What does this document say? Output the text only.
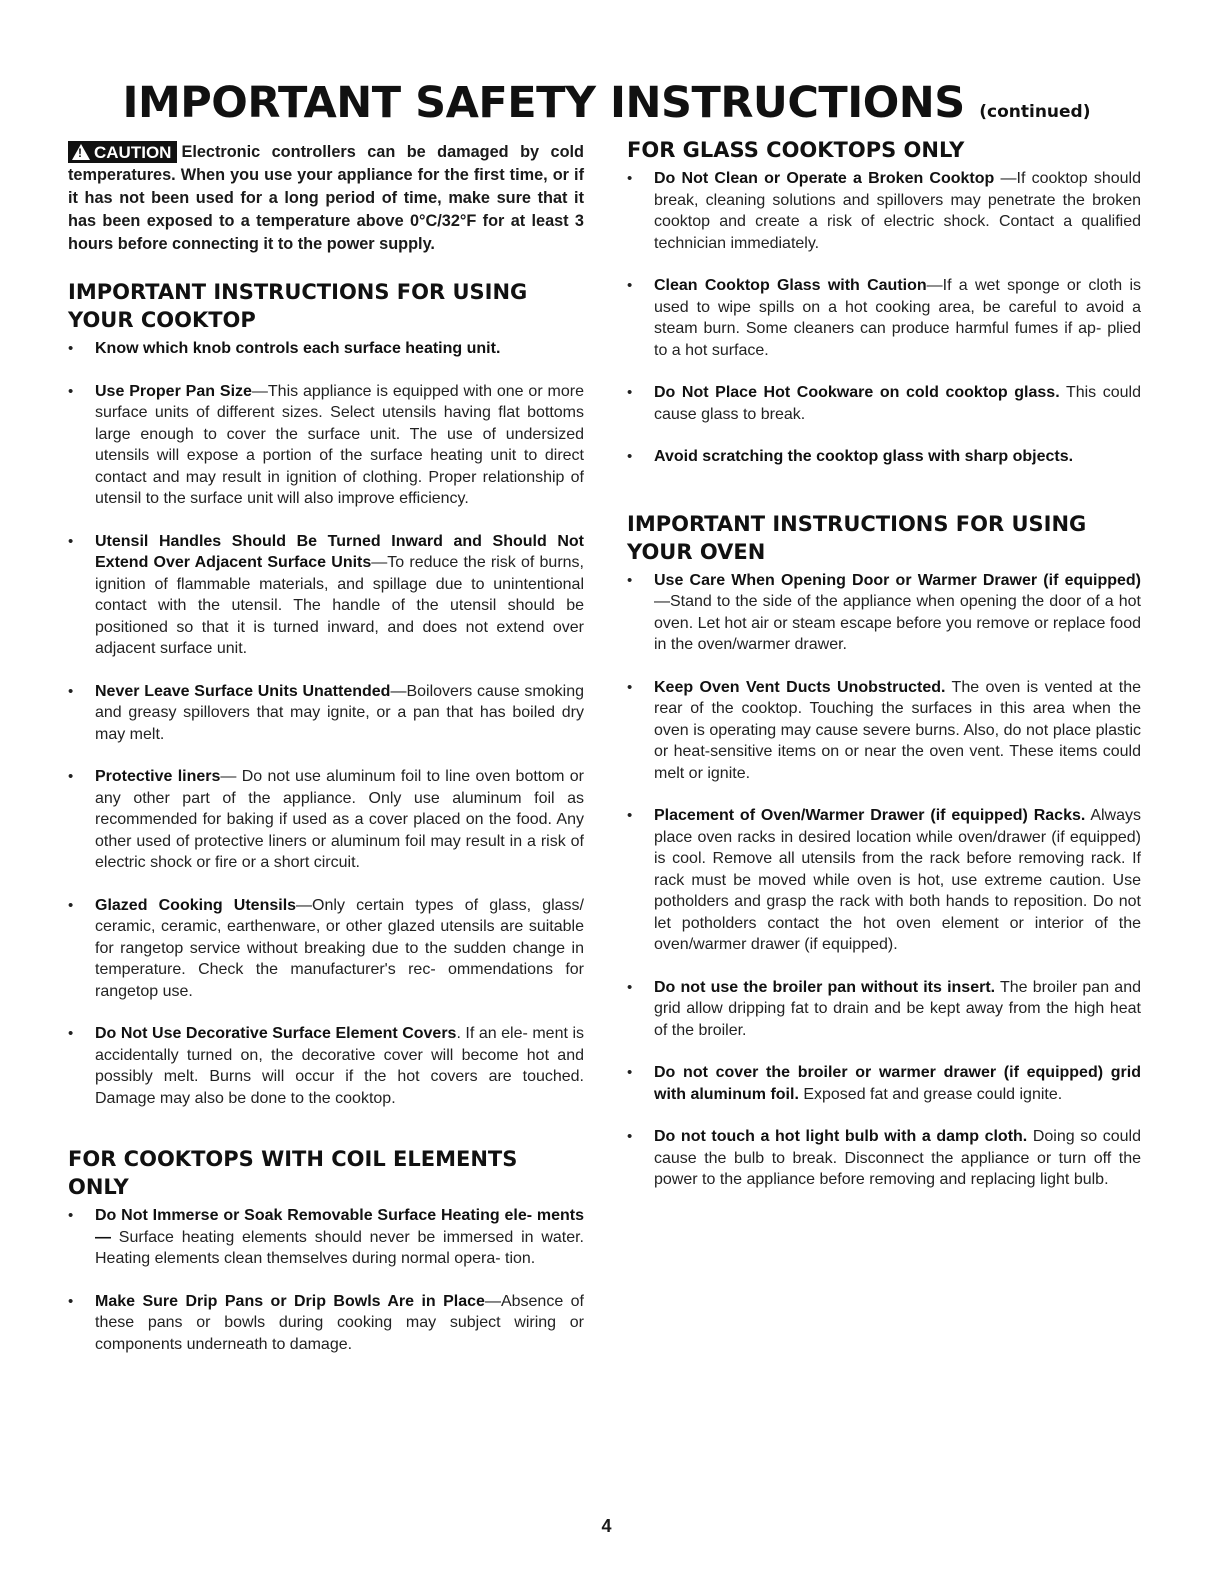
IMPORTANT SAFETY INSTRUCTIONS (continued)

!
CAUTION Electronic controllers can be damaged by cold temperatures. When you use your appliance for the first time, or if it has not been used for a long period of time, make sure that it has been exposed to a temperature above 0°C/32°F for at least 3 hours before connecting it to the power supply.

IMPORTANT INSTRUCTIONS FOR USING YOUR COOKTOP
• Know which knob controls each surface heating unit.
• Use Proper Pan Size—This appliance is equipped with one or more surface units of different sizes. Select utensils having flat bottoms large enough to cover the surface unit. The use of undersized utensils will expose a portion of the surface heating unit to direct contact and may result in ignition of clothing. Proper relationship of utensil to the surface unit will also improve efficiency.
• Utensil Handles Should Be Turned Inward and Should Not Extend Over Adjacent Surface Units—To reduce the risk of burns, ignition of flammable materials, and spillage due to unintentional contact with the utensil. The handle of the utensil should be positioned so that it is turned inward, and does not extend over adjacent surface unit.
• Never Leave Surface Units Unattended—Boilovers cause smoking and greasy spillovers that may ignite, or a pan that has boiled dry may melt.
• Protective liners— Do not use aluminum foil to line oven bottom or any other part of the appliance. Only use aluminum foil as recommended for baking if used as a cover placed on the food. Any other used of protective liners or aluminum foil may result in a risk of electric shock or fire or a short circuit.
• Glazed Cooking Utensils—Only certain types of glass, glass/ ceramic, ceramic, earthenware, or other glazed utensils are suitable for rangetop service without breaking due to the sudden change in temperature. Check the manufacturer's rec- ommendations for rangetop use.
• Do Not Use Decorative Surface Element Covers. If an ele- ment is accidentally turned on, the decorative cover will become hot and possibly melt. Burns will occur if the hot covers are touched. Damage may also be done to the cooktop.
FOR COOKTOPS WITH COIL ELEMENTS ONLY
• Do Not Immerse or Soak Removable Surface Heating ele- ments— Surface heating elements should never be immersed in water. Heating elements clean themselves during normal opera- tion.
• Make Sure Drip Pans or Drip Bowls Are in Place—Absence of these pans or bowls during cooking may subject wiring or components underneath to damage.
FOR GLASS COOKTOPS ONLY
• Do Not Clean or Operate a Broken Cooktop —If cooktop should break, cleaning solutions and spillovers may penetrate the broken cooktop and create a risk of electric shock. Contact a qualified technician immediately.
• Clean Cooktop Glass with Caution—If a wet sponge or cloth is used to wipe spills on a hot cooking area, be careful to avoid a steam burn. Some cleaners can produce harmful fumes if ap- plied to a hot surface.
• Do Not Place Hot Cookware on cold cooktop glass. This could cause glass to break.
• Avoid scratching the cooktop glass with sharp objects.
IMPORTANT INSTRUCTIONS FOR USING YOUR OVEN
• Use Care When Opening Door or Warmer Drawer (if equipped)—Stand to the side of the appliance when opening the door of a hot oven. Let hot air or steam escape before you remove or replace food in the oven/warmer drawer.
• Keep Oven Vent Ducts Unobstructed. The oven is vented at the rear of the cooktop. Touching the surfaces in this area when the oven is operating may cause severe burns. Also, do not place plastic or heat-sensitive items on or near the oven vent. These items could melt or ignite.
• Placement of Oven/Warmer Drawer (if equipped) Racks. Always place oven racks in desired location while oven/drawer (if equipped) is cool. Remove all utensils from the rack before removing rack. If rack must be moved while oven is hot, use extreme caution. Use potholders and grasp the rack with both hands to reposition. Do not let potholders contact the hot oven element or interior of the oven/warmer drawer (if equipped).
• Do not use the broiler pan without its insert. The broiler pan and grid allow dripping fat to drain and be kept away from the high heat of the broiler.
• Do not cover the broiler or warmer drawer (if equipped) grid with aluminum foil. Exposed fat and grease could ignite.
• Do not touch a hot light bulb with a damp cloth. Doing so could cause the bulb to break. Disconnect the appliance or turn off the power to the appliance before removing and replacing light bulb.
4
